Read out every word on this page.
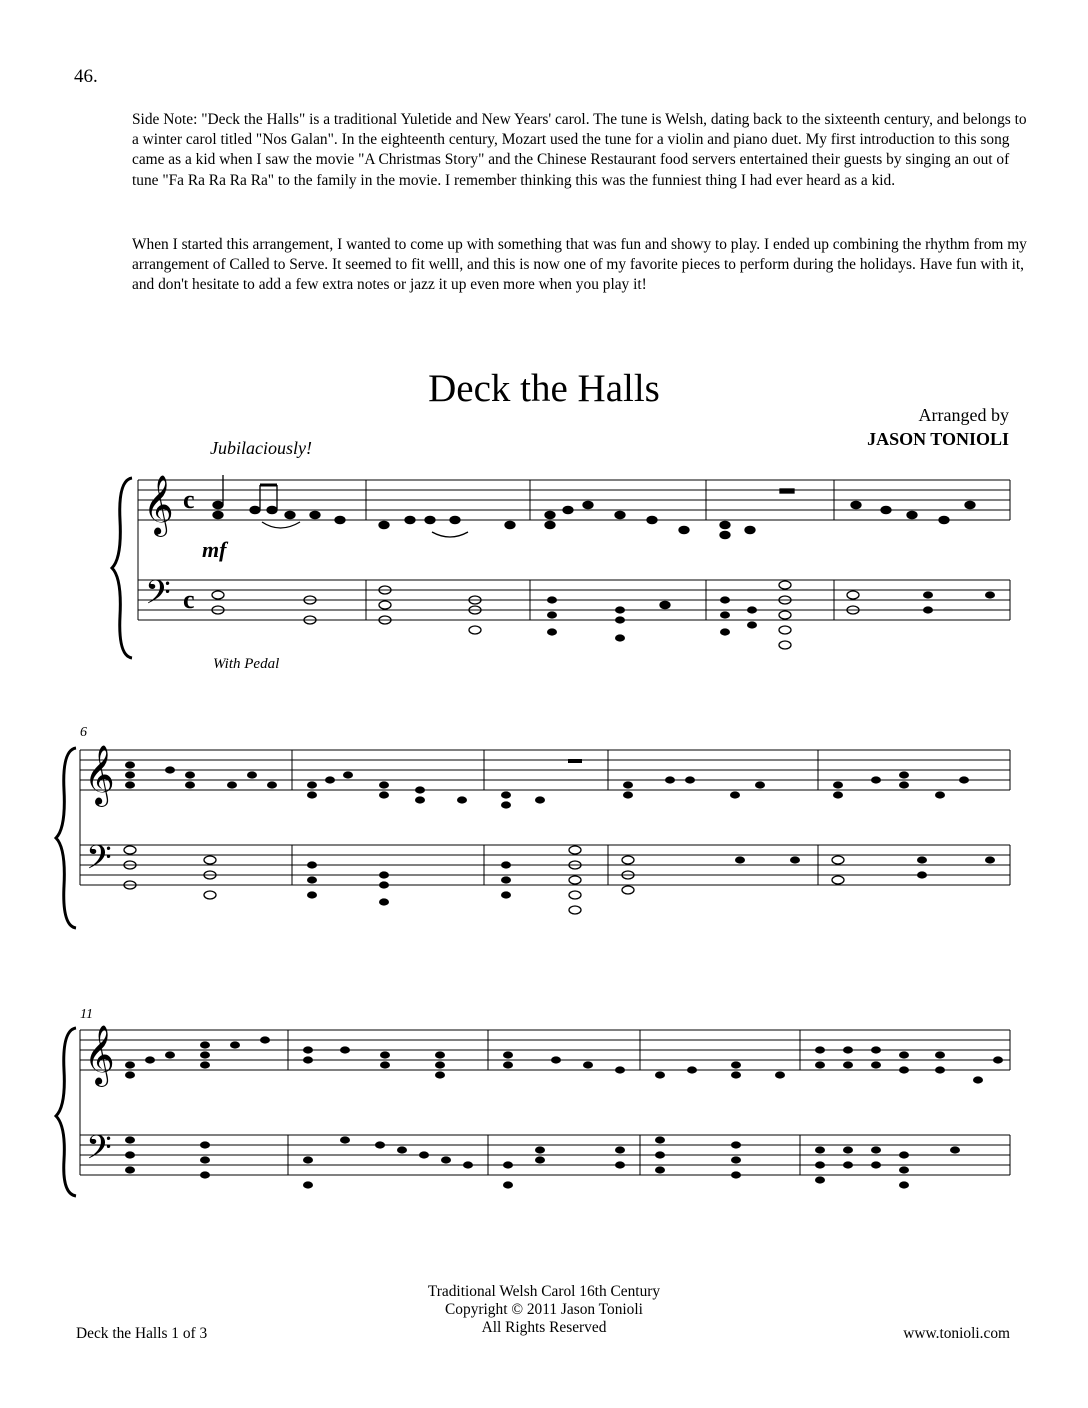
46.

Side Note: "Deck the Halls" is a traditional Yuletide and New Years' carol. The tune is Welsh, dating back to the sixteenth century, and belongs to a winter carol titled "Nos Galan". In the eighteenth century, Mozart used the tune for a violin and piano duet. My first introduction to this song came as a kid when I saw the movie "A Christmas Story" and the Chinese Restaurant food servers entertained their guests by singing an out of tune "Fa Ra Ra Ra Ra" to the family in the movie. I remember thinking this was the funniest thing I had ever heard as a kid.

When I started this arrangement, I wanted to come up with something that was fun and showy to play. I ended up combining the rhythm from my arrangement of Called to Serve. It seemed to fit welll, and this is now one of my favorite pieces to perform during the holidays. Have fun with it, and don't hesitate to add a few extra notes or jazz it up even more when you play it!

Deck the Halls
Arranged by
JASON TONIOLI
Jubilaciously!
𝄞
𝄢
c
c
mf
With Pedal
6
𝄞
𝄢
11
𝄞
𝄢
Deck the Halls 1 of 3
Traditional Welsh Carol 16th Century
Copyright © 2011 Jason Tonioli
All Rights Reserved	www.tonioli.com
